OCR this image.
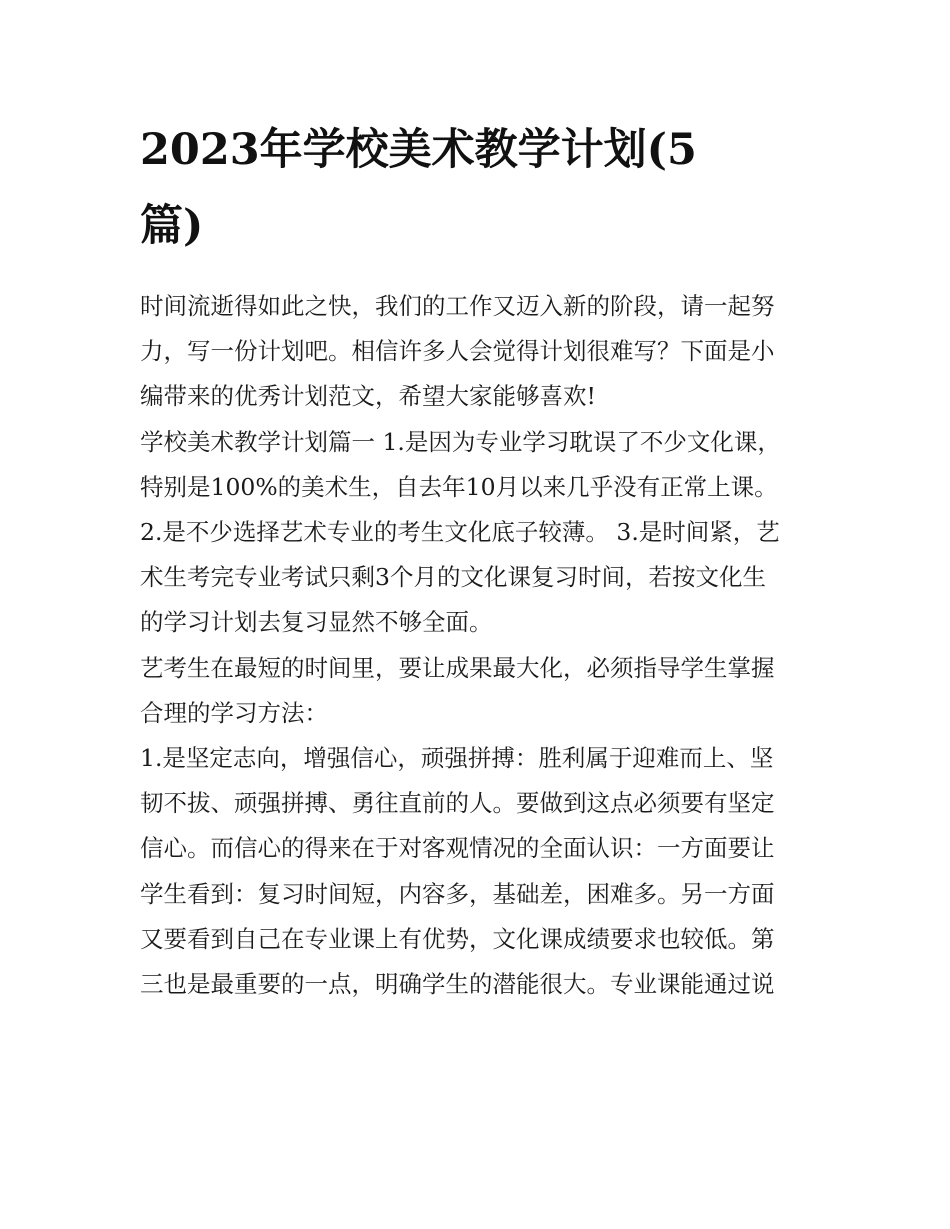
2023年学校美术教学计划(5
篇)

时间流逝得如此之快，我们的工作又迈入新的阶段，请一起努
力，写一份计划吧。相信许多人会觉得计划很难写？下面是小
编带来的优秀计划范文，希望大家能够喜欢!

学校美术教学计划篇一 1.是因为专业学习耽误了不少文化课，
特别是100%的美术生，自去年10月以来几乎没有正常上课。
2.是不少选择艺术专业的考生文化底子较薄。 3.是时间紧，艺
术生考完专业考试只剩3个月的文化课复习时间，若按文化生
的学习计划去复习显然不够全面。

艺考生在最短的时间里，要让成果最大化，必须指导学生掌握
合理的学习方法：

1.是坚定志向，增强信心，顽强拼搏：胜利属于迎难而上、坚
韧不拔、顽强拼搏、勇往直前的人。要做到这点必须要有坚定
信心。而信心的得来在于对客观情况的全面认识：一方面要让
学生看到：复习时间短，内容多，基础差，困难多。另一方面
又要看到自己在专业课上有优势，文化课成绩要求也较低。第
三也是最重要的一点，明确学生的潜能很大。专业课能通过说
